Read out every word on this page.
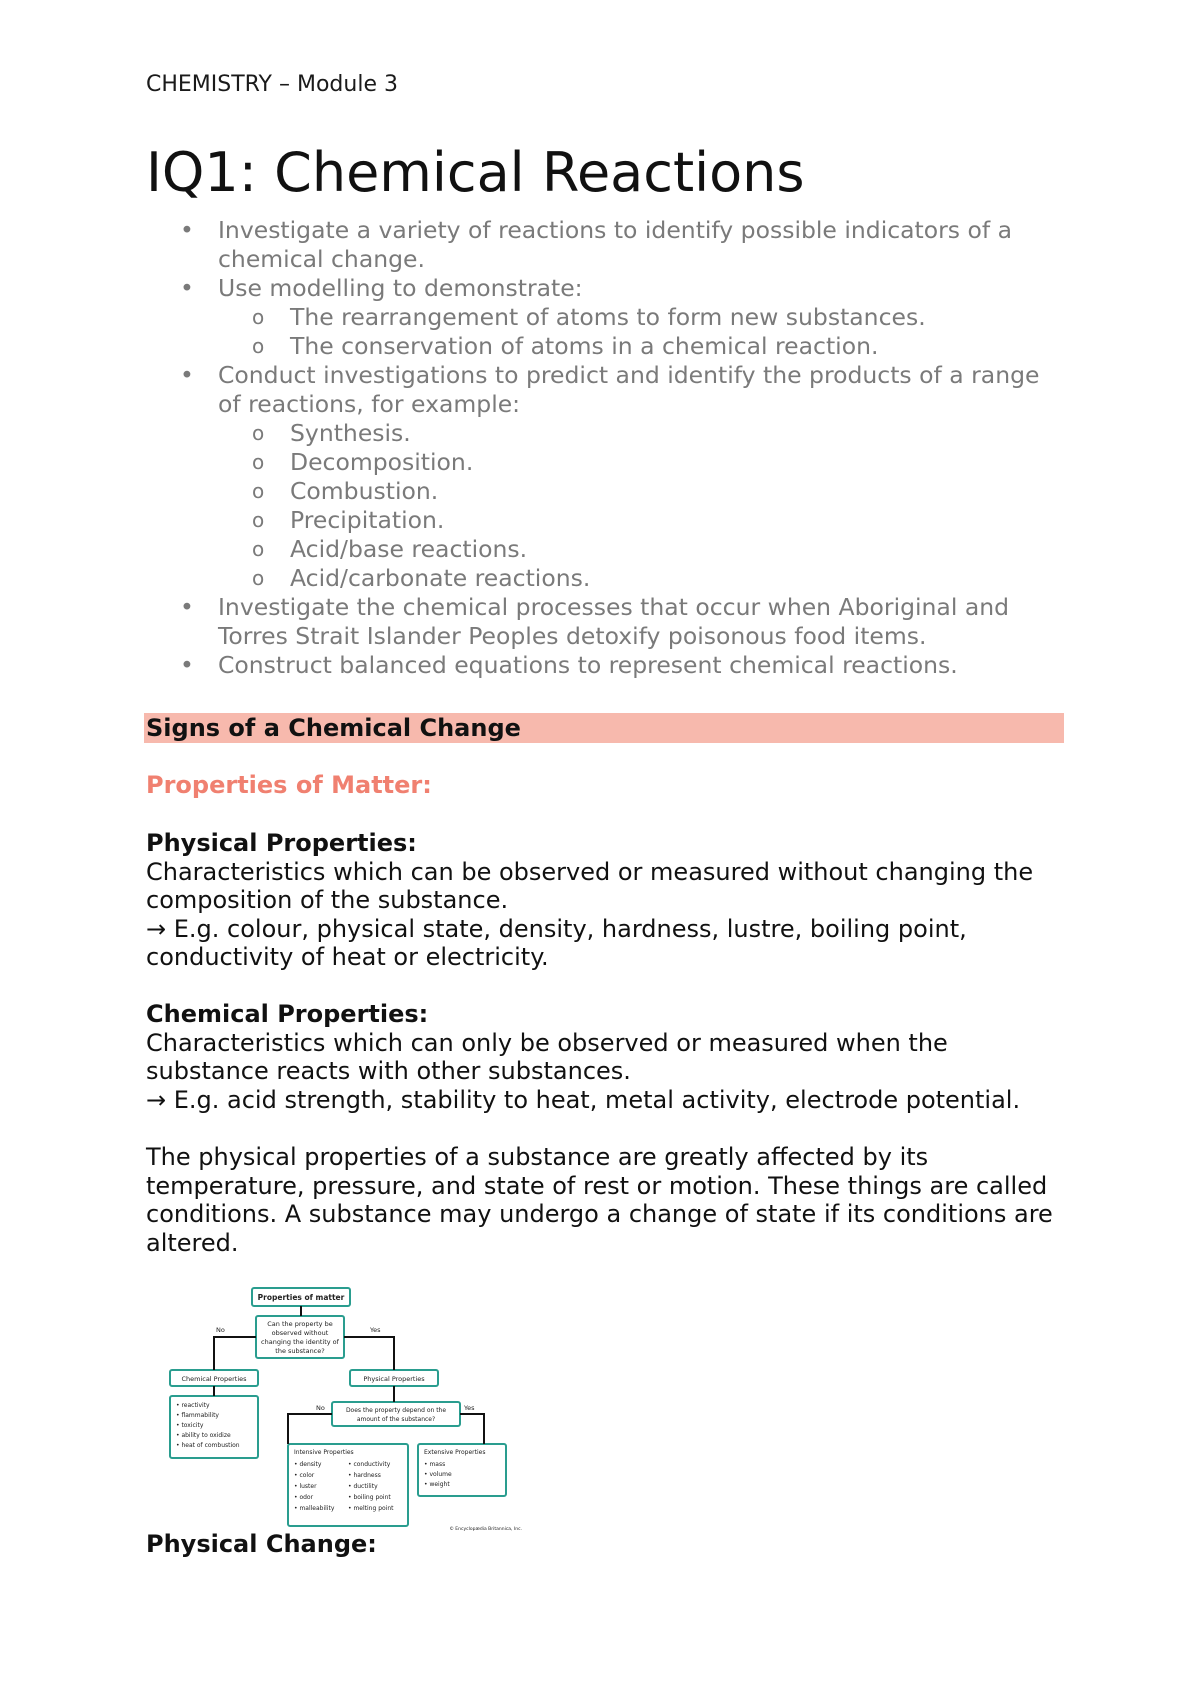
CHEMISTRY – Module 3
IQ1: Chemical Reactions
• Investigate a variety of reactions to identify possible indicators of a chemical change.
• Use modelling to demonstrate:
o The rearrangement of atoms to form new substances.
o The conservation of atoms in a chemical reaction.
• Conduct investigations to predict and identify the products of a range of reactions, for example:
o Synthesis.
o Decomposition.
o Combustion.
o Precipitation.
o Acid/base reactions.
o Acid/carbonate reactions.
• Investigate the chemical processes that occur when Aboriginal and Torres Strait Islander Peoples detoxify poisonous food items.
• Construct balanced equations to represent chemical reactions.
Signs of a Chemical Change
Properties of Matter:
Physical Properties:
Characteristics which can be observed or measured without changing the composition of the substance.
→ E.g. colour, physical state, density, hardness, lustre, boiling point, conductivity of heat or electricity.
Chemical Properties:
Characteristics which can only be observed or measured when the substance reacts with other substances.
→ E.g. acid strength, stability to heat, metal activity, electrode potential.
The physical properties of a substance are greatly affected by its temperature, pressure, and state of rest or motion. These things are called conditions. A substance may undergo a change of state if its conditions are altered.
Properties of matter
Can the property be
observed without
changing the identity of
the substance?
No	Yes
Chemical Properties
• reactivity
• flammability
• toxicity
• ability to oxidize
• heat of combustion
Physical Properties
Does the property depend on the
amount of the substance?
No	Yes
Intensive Properties
• density
• color
• luster
• odor
• malleability
• conductivity
• hardness
• ductility
• boiling point
• melting point
Extensive Properties
• mass
• volume
• weight
© Encyclopædia Britannica, Inc.
Physical Change:
